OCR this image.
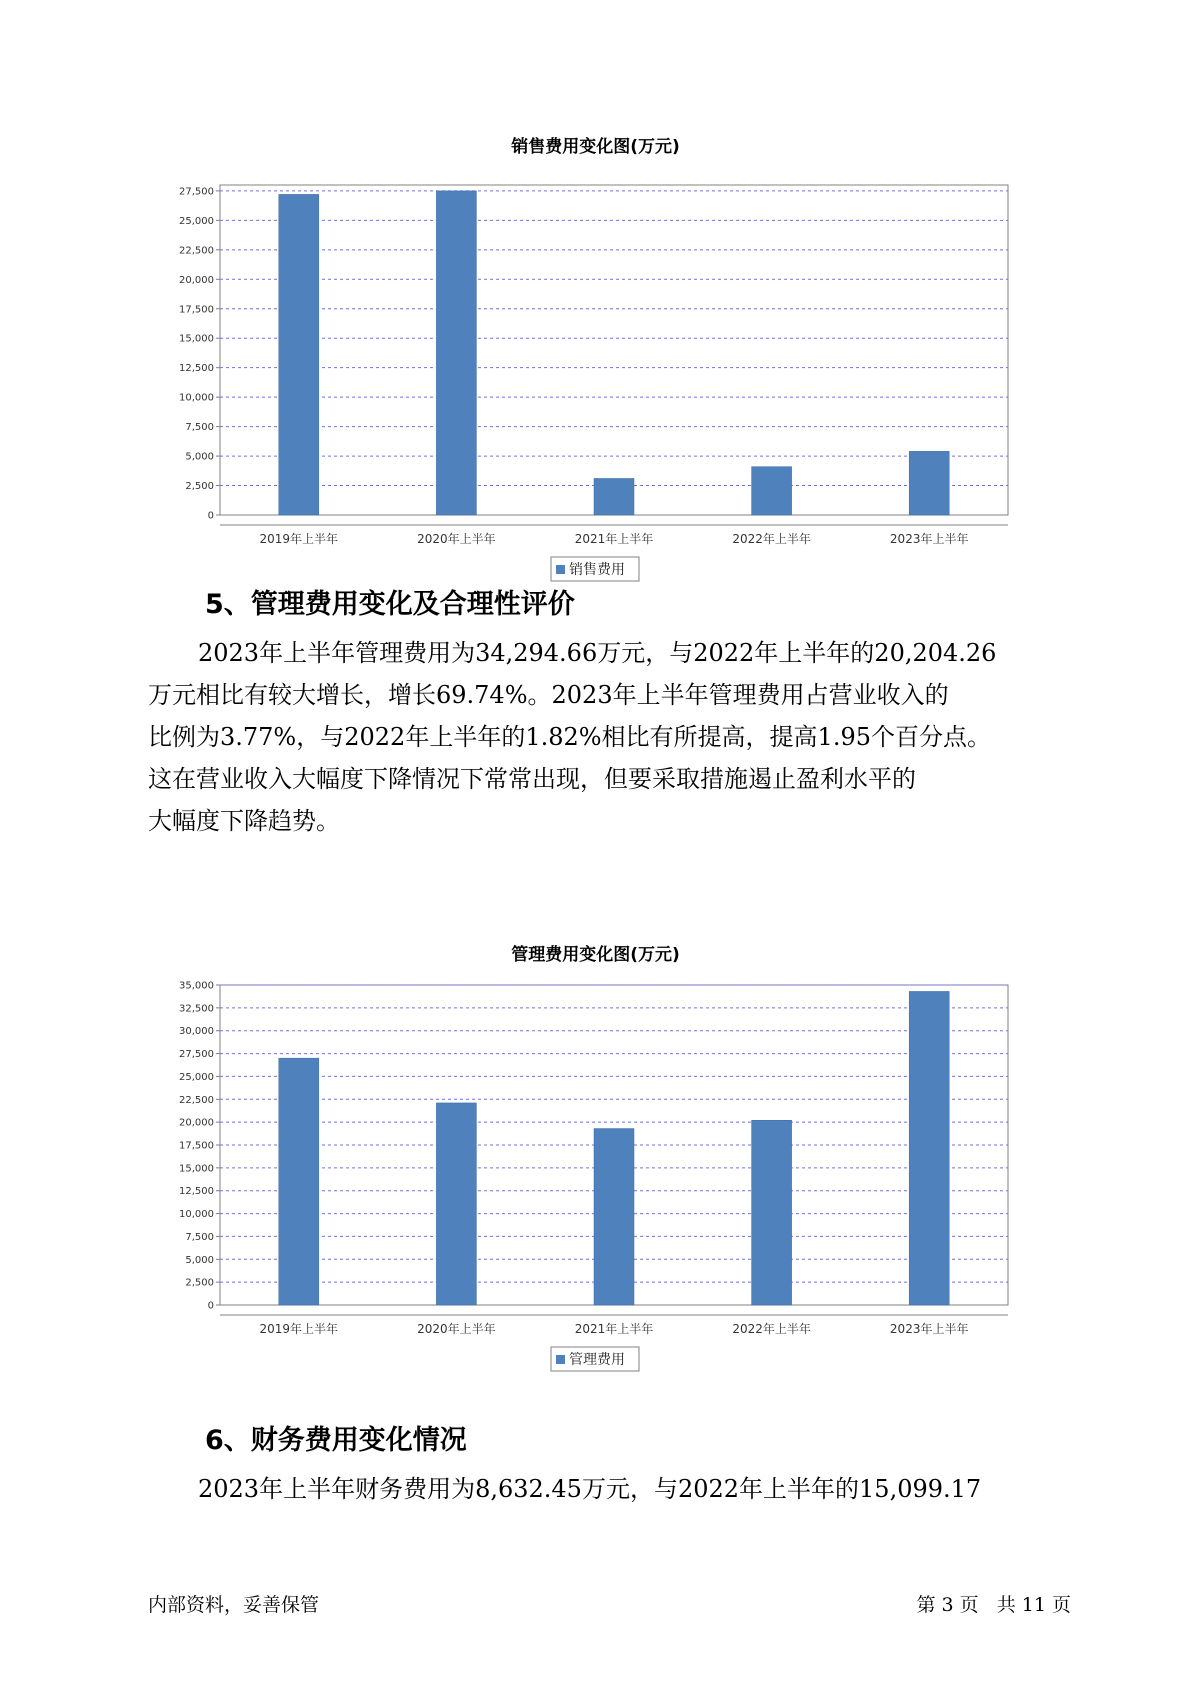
销售费用变化图(万元)
0
2,500
5,000
7,500
10,000
12,500
15,000
17,500
20,000
22,500
25,000
27,500
2019年上半年	2020年上半年	2021年上半年	2022年上半年	2023年上半年
销售费用
5、管理费用变化及合理性评价

2023年上半年管理费用为34,294.66万元，与2022年上半年的20,204.26

万元相比有较大增长，增长69.74%。2023年上半年管理费用占营业收入的

比例为3.77%，与2022年上半年的1.82%相比有所提高，提高1.95个百分点。

这在营业收入大幅度下降情况下常常出现，但要采取措施遏止盈利水平的

大幅度下降趋势。

管理费用变化图(万元)
0
2,500
5,000
7,500
10,000
12,500
15,000
17,500
20,000
22,500
25,000
27,500
30,000
32,500
35,000
2019年上半年	2020年上半年	2021年上半年	2022年上半年	2023年上半年
管理费用
6、财务费用变化情况

2023年上半年财务费用为8,632.45万元，与2022年上半年的15,099.17

内部资料，妥善保管	第 3 页   共 11 页
